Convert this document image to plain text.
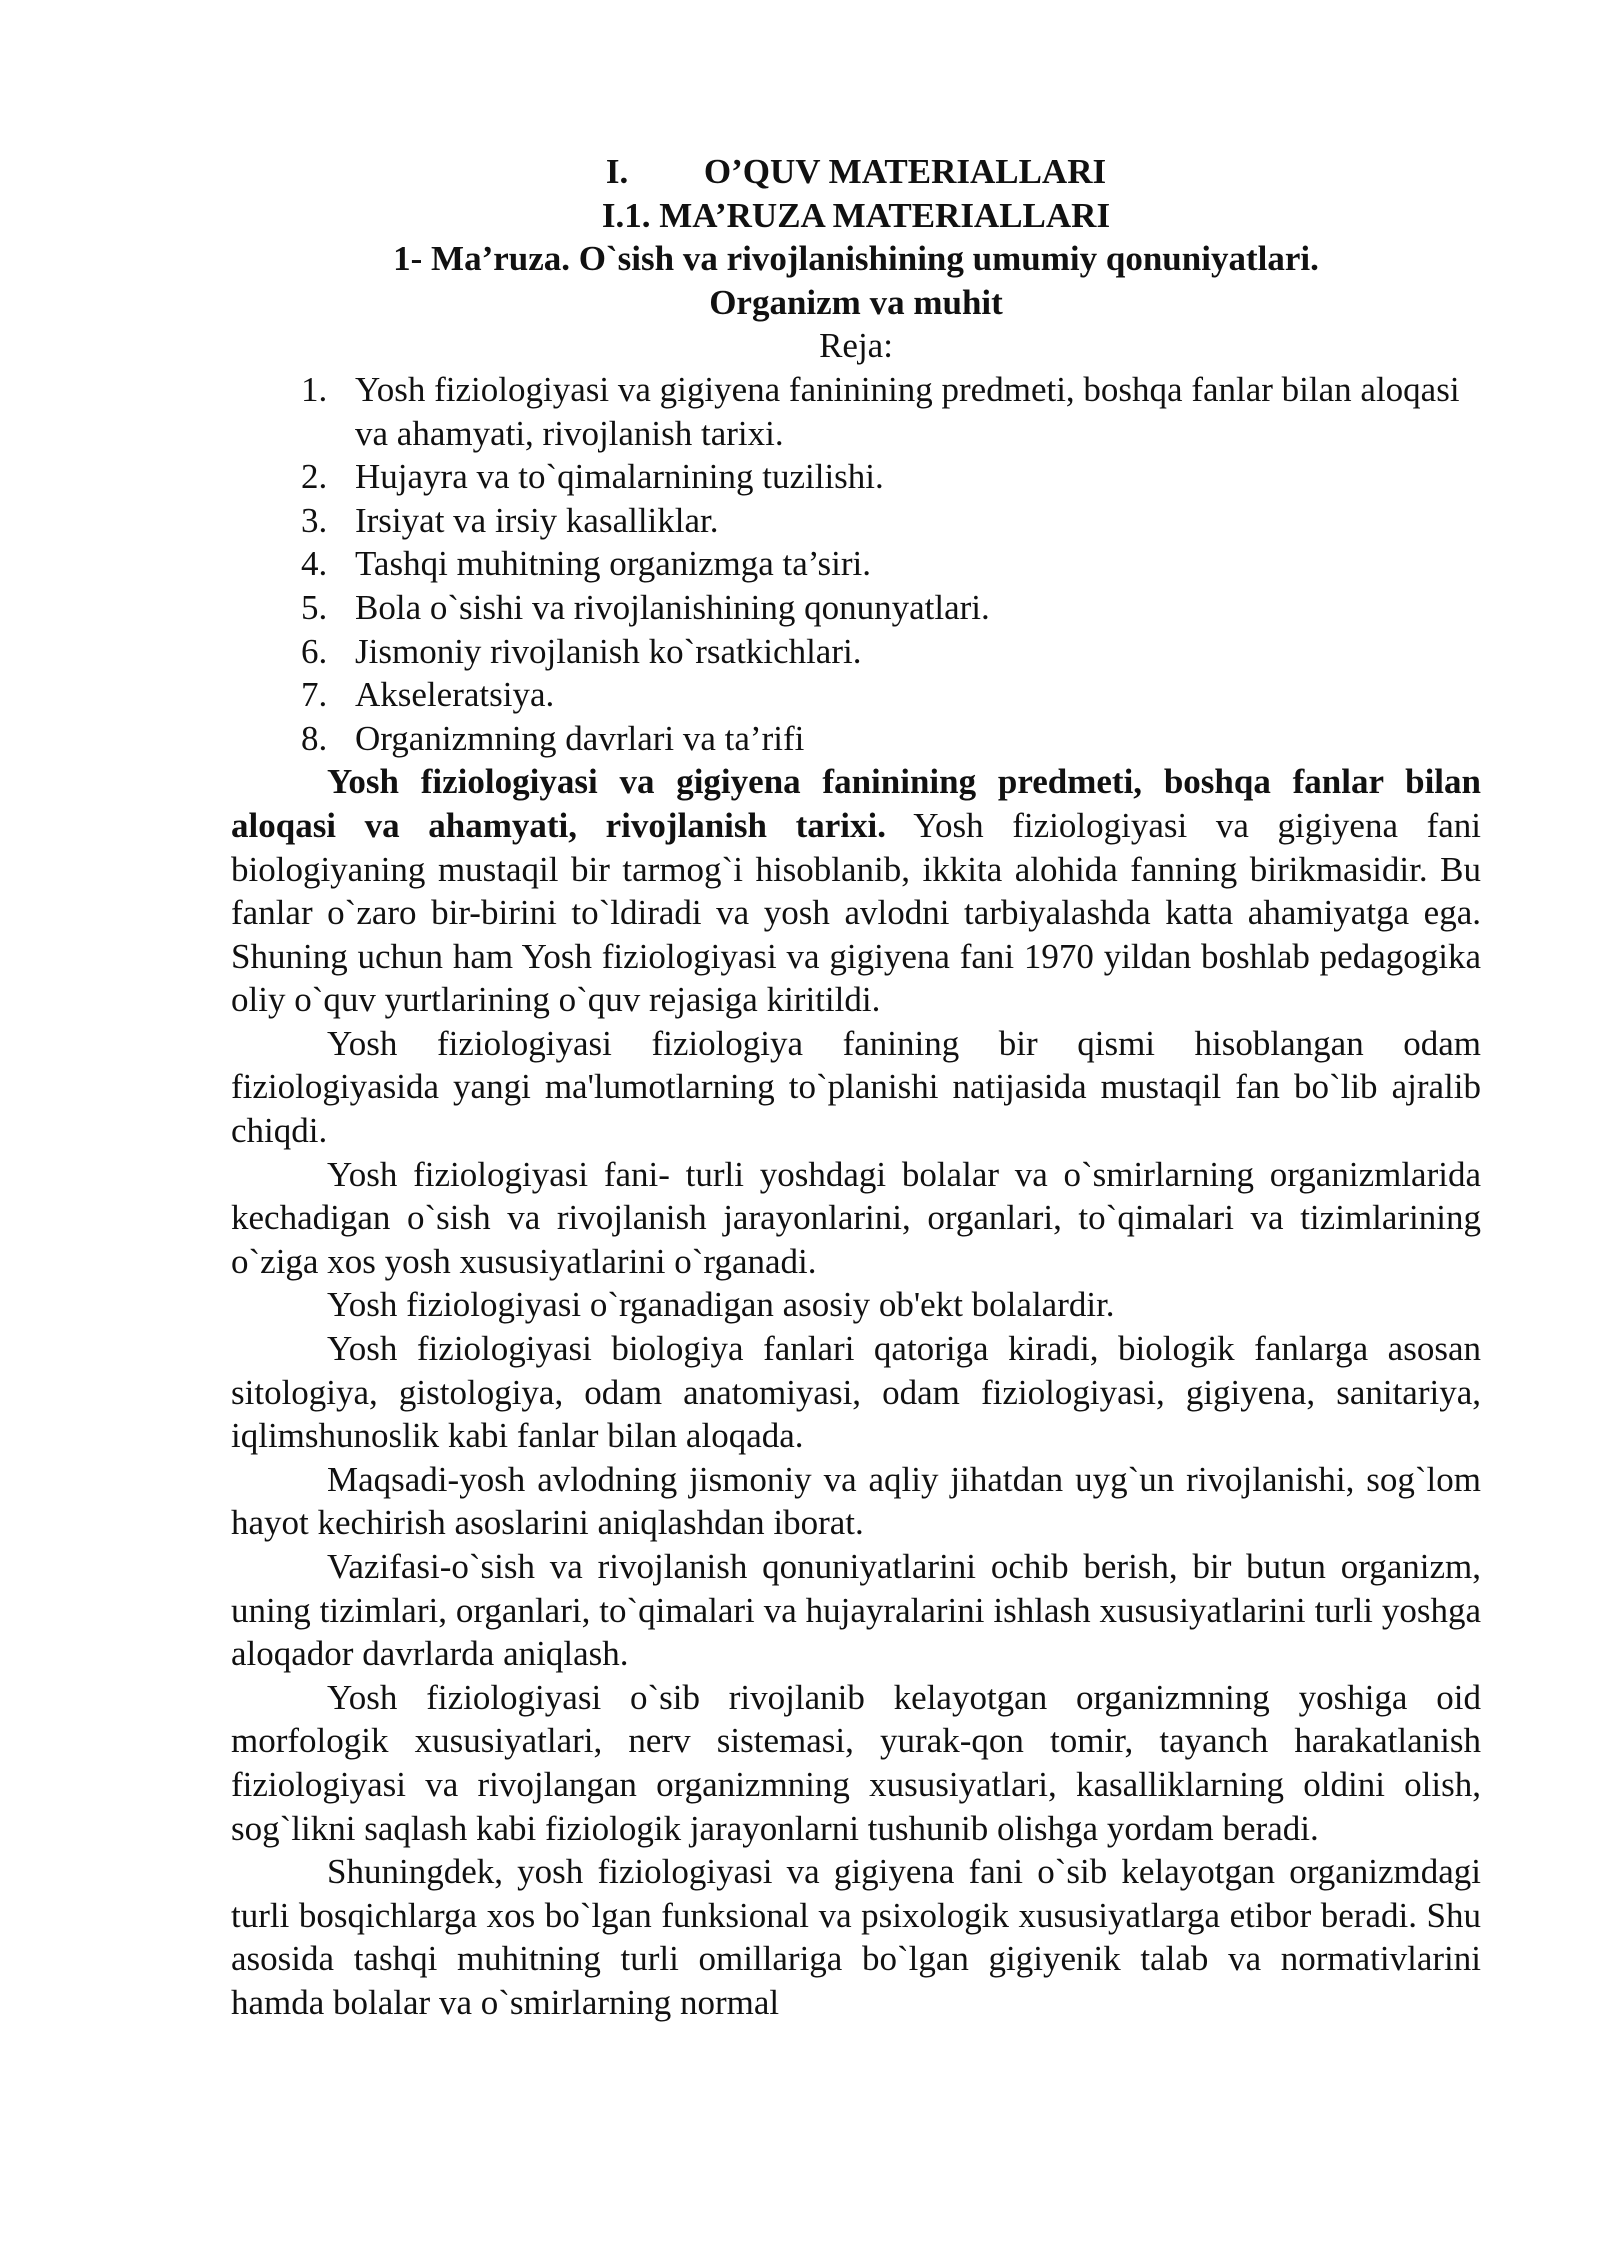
I. O’QUV MATERIALLARI
I.1. MA’RUZA MATERIALLARI
1- Ma’ruza. O`sish va rivojlanishining umumiy qonuniyatlari.
Organizm va muhit
Reja:
1. Yosh fiziologiyasi va gigiyena faninining predmeti, boshqa fanlar bilan aloqasi va ahamyati, rivojlanish tarixi.
2. Hujayra va to`qimalarnining tuzilishi.
3. Irsiyat va irsiy kasalliklar.
4. Tashqi muhitning organizmga ta’siri.
5. Bola o`sishi va rivojlanishining qonunyatlari.
6. Jismoniy rivojlanish ko`rsatkichlari.
7. Akseleratsiya.
8. Organizmning davrlari va ta’rifi

Yosh fiziologiyasi va gigiyena faninining predmeti, boshqa fanlar bilan aloqasi va ahamyati, rivojlanish tarixi. Yosh fiziologiyasi va gigiyena fani biologiyaning mustaqil bir tarmog`i hisoblanib, ikkita alohida fanning birikmasidir. Bu fanlar o`zaro bir-birini to`ldiradi va yosh avlodni tarbiyalashda katta ahamiyatga ega. Shuning uchun ham Yosh fiziologiyasi va gigiyena fani 1970 yildan boshlab pedagogika oliy o`quv yurtlarining o`quv rejasiga kiritildi.

Yosh fiziologiyasi fiziologiya fanining bir qismi hisoblangan odam fiziologiyasida yangi ma'lumotlarning to`planishi natijasida mustaqil fan bo`lib ajralib chiqdi.

Yosh fiziologiyasi fani- turli yoshdagi bolalar va o`smirlarning organizmlarida kechadigan o`sish va rivojlanish jarayonlarini, organlari, to`qimalari va tizimlarining o`ziga xos yosh xususiyatlarini o`rganadi.

Yosh fiziologiyasi o`rganadigan asosiy ob'ekt bolalardir.

Yosh fiziologiyasi biologiya fanlari qatoriga kiradi, biologik fanlarga asosan sitologiya, gistologiya, odam anatomiyasi, odam fiziologiyasi, gigiyena, sanitariya, iqlimshunoslik kabi fanlar bilan aloqada.

Maqsadi-yosh avlodning jismoniy va aqliy jihatdan uyg`un rivojlanishi, sog`lom hayot kechirish asoslarini aniqlashdan iborat.

Vazifasi-o`sish va rivojlanish qonuniyatlarini ochib berish, bir butun organizm, uning tizimlari, organlari, to`qimalari va hujayralarini ishlash xususiyatlarini turli yoshga aloqador davrlarda aniqlash.

Yosh fiziologiyasi o`sib rivojlanib kelayotgan organizmning yoshiga oid morfologik xususiyatlari, nerv sistemasi, yurak-qon tomir, tayanch harakatlanish fiziologiyasi va rivojlangan organizmning xususiyatlari, kasalliklarning oldini olish, sog`likni saqlash kabi fiziologik jarayonlarni tushunib olishga yordam beradi.

Shuningdek, yosh fiziologiyasi va gigiyena fani o`sib kelayotgan organizmdagi turli bosqichlarga xos bo`lgan funksional va psixologik xususiyatlarga etibor beradi. Shu asosida tashqi muhitning turli omillariga bo`lgan gigiyenik talab va normativlarini hamda bolalar va o`smirlarning normal
